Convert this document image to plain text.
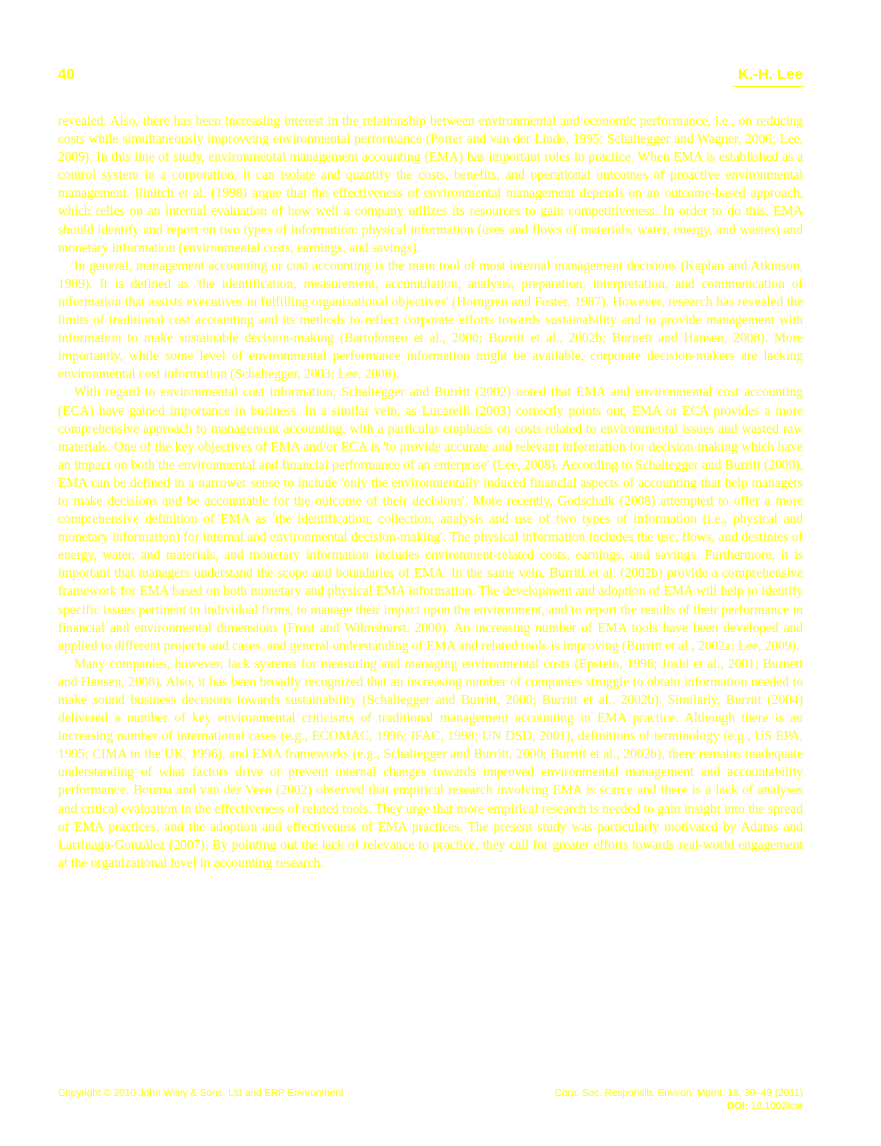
40	K.-H. Lee

revealed. Also, there has been increasing interest in the relationship between environmental and economic performance, i.e., on reducing costs while simultaneously improveing environmental performance (Porter and van der Linde, 1995; Schaltegger and Wagner, 2006; Lee, 2009). In this line of study, environmental management accounting (EMA) has important roles in practice. When EMA is established as a control system in a corporation, it can isolate and quantify the costs, benefits, and operational outcomes of proactive environmental management. Ilinitch et al. (1998) argue that the effectiveness of environmental management depends on an outcome-based approach, which relies on an internal evaluation of how well a company utilizes its resources to gain competitiveness. In order to do this, EMA should identify and report on two types of information: physical information (uses and flows of materials, water, energy, and wastes) and monetary information (environmental costs, earnings, and savings).

In general, management accounting or cost accounting is the main tool of most internal management decisions (Kaplan and Atkinson, 1989). It is defined as 'the identification, measurement, accumulation, analysis, preparation, interpretation, and communication of information that assists executives in fulfilling organizational objectives' (Horngren and Foster, 1987). However, research has revealed the limits of traditional cost accounting and its methods to reflect corporate efforts towards sustainability and to provide management with information to make sustainable decision-making (Bartolomeo et al., 2000; Burritt et al., 2002b; Burnett and Hansen, 2008). More importantly, while some level of environmental performance information might be available, corporate decision-makers are lacking environmental cost information (Schaltegger, 2003; Lee, 2008).

With regard to environmental cost information, Schaltegger and Burritt (2002) noted that EMA and environmental cost accounting (ECA) have gained importance in business. In a similar vein, as Lucarelli (2003) correctly points out, EMA or ECA provides a more comprehensive approach to management accounting, with a particular emphasis on costs related to environmental issues and wasted raw materials. One of the key objectives of EMA and/or ECA is 'to provide accurate and relevant information for decision-making which have an impact on both the environmental and financial performance of an enterprise' (Lee, 2008). According to Schaltegger and Burritt (2000), EMA can be defined in a narrower sense to include 'only the environmentally induced financial aspects of accounting that help managers to make decisions and be accountable for the outcome of their decisions'. More recently, Godschalk (2008) attempted to offer a more comprehensive definition of EMA as 'the identification, collection, analysis and use of two types of information (i.e., physical and monetary information) for internal and environmental decision-making'. The physical information includes the use, flows, and destinies of energy, water, and materials, and monetary information includes environment-related costs, earnings, and savings. Furthermore, it is important that managers understand the scope and boundaries of EMA. In the same vein, Burritt et al. (2002b) provide a comprehensive framework for EMA based on both monetary and physical EMA information. The development and adoption of EMA will help to identify specific issues pertinent to individual firms, to manage their impact upon the environment, and to report the results of their performance in financial and environmental dimensions (Frost and Wilmshurst, 2000). An increasing number of EMA tools have been developed and applied to different projects and cases, and general understanding of EMA and related tools is improving (Burritt et al., 2002a; Lee, 2009).

Many companies, however, lack systems for measuring and managing environmental costs (Epstein, 1996; Joshi et al., 2001; Burnett and Hansen, 2008). Also, it has been broadly recognized that an increasing number of companies struggle to obtain information needed to make sound business decisions towards sustainability (Schaltegger and Burritt, 2000; Burritt et al., 2002b). Similarly, Burritt (2004) delivered a number of key environmental criticisms of traditional management accounting in EMA practice. Although there is an increasing number of international cases (e.g., ECOMAC, 1996; IFAC, 1998; UN DSD, 2001), definitions of terminology (e.g., US EPA, 1995; CIMA in the UK, 1996), and EMA frameworks (e.g., Schaltegger and Burritt, 2000; Burritt et al., 2002b), there remains inadequate understanding of what factors drive or prevent internal changes towards improved environmental management and accountability performance. Bouma and van der Veen (2002) observed that empirical research involving EMA is scarce and there is a lack of analyses and critical evaluation in the effectiveness of related tools. They urge that more empirical research is needed to gain insight into the spread of EMA practices, and the adoption and effectiveness of EMA practices. The present study was particularly motivated by Adams and Larrinaga-González (2007). By pointing out the lack of relevance to practice, they call for greater efforts towards real-world engagement at the organizational level in accounting research.

Copyright © 2010 John Wiley & Sons, Ltd and ERP Environment	Corp. Soc. Responsib. Environ. Mgmt. 18, 39–49 (2011)
DOI: 10.1002/csr
